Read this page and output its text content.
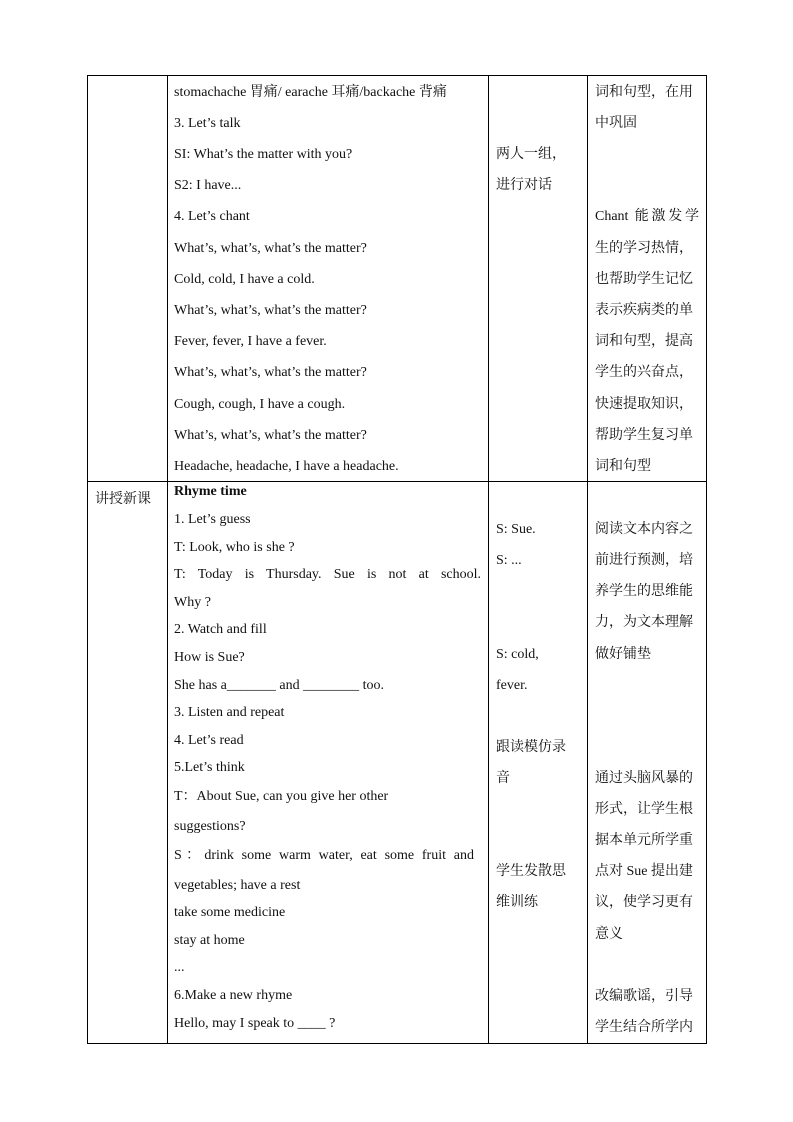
stomachache 胃痛/ earache 耳痛/backache 背痛
3. Let’s talk
SI: What’s the matter with you?
S2: I have...
4. Let’s chant
What’s, what’s, what’s the matter?
Cold, cold, I have a cold.
What’s, what’s, what’s the matter?
Fever, fever, I have a fever.
What’s, what’s, what’s the matter?
Cough, cough, I have a cough.
What’s, what’s, what’s the matter?
Headache, headache, I have a headache.
两人一组，
进行对话
词和句型，在用
中巩固
Chant 能激发学
生的学习热情，
也帮助学生记忆
表示疾病类的单
词和句型，提高
学生的兴奋点，
快速提取知识，
帮助学生复习单
词和句型
讲授新课
Rhyme time
1. Let’s guess
T: Look, who is she ?
T: Today is Thursday. Sue is not at school.
Why ?
2. Watch and fill
How is Sue?
She has a_______ and ________ too.
3. Listen and repeat
4. Let’s read
5.Let’s think
T：About Sue, can you give her other
suggestions?
S：drink some warm water, eat some fruit and
vegetables; have a rest
take some medicine
stay at home
...
6.Make a new rhyme
Hello, may I speak to ____ ?
S: Sue.
S: ...
S: cold,
fever.
跟读模仿录
音
学生发散思
维训练
阅读文本内容之
前进行预测，培
养学生的思维能
力，为文本理解
做好铺垫
通过头脑风暴的
形式，让学生根
据本单元所学重
点对 Sue 提出建
议，使学习更有
意义
改编歌谣，引导
学生结合所学内
